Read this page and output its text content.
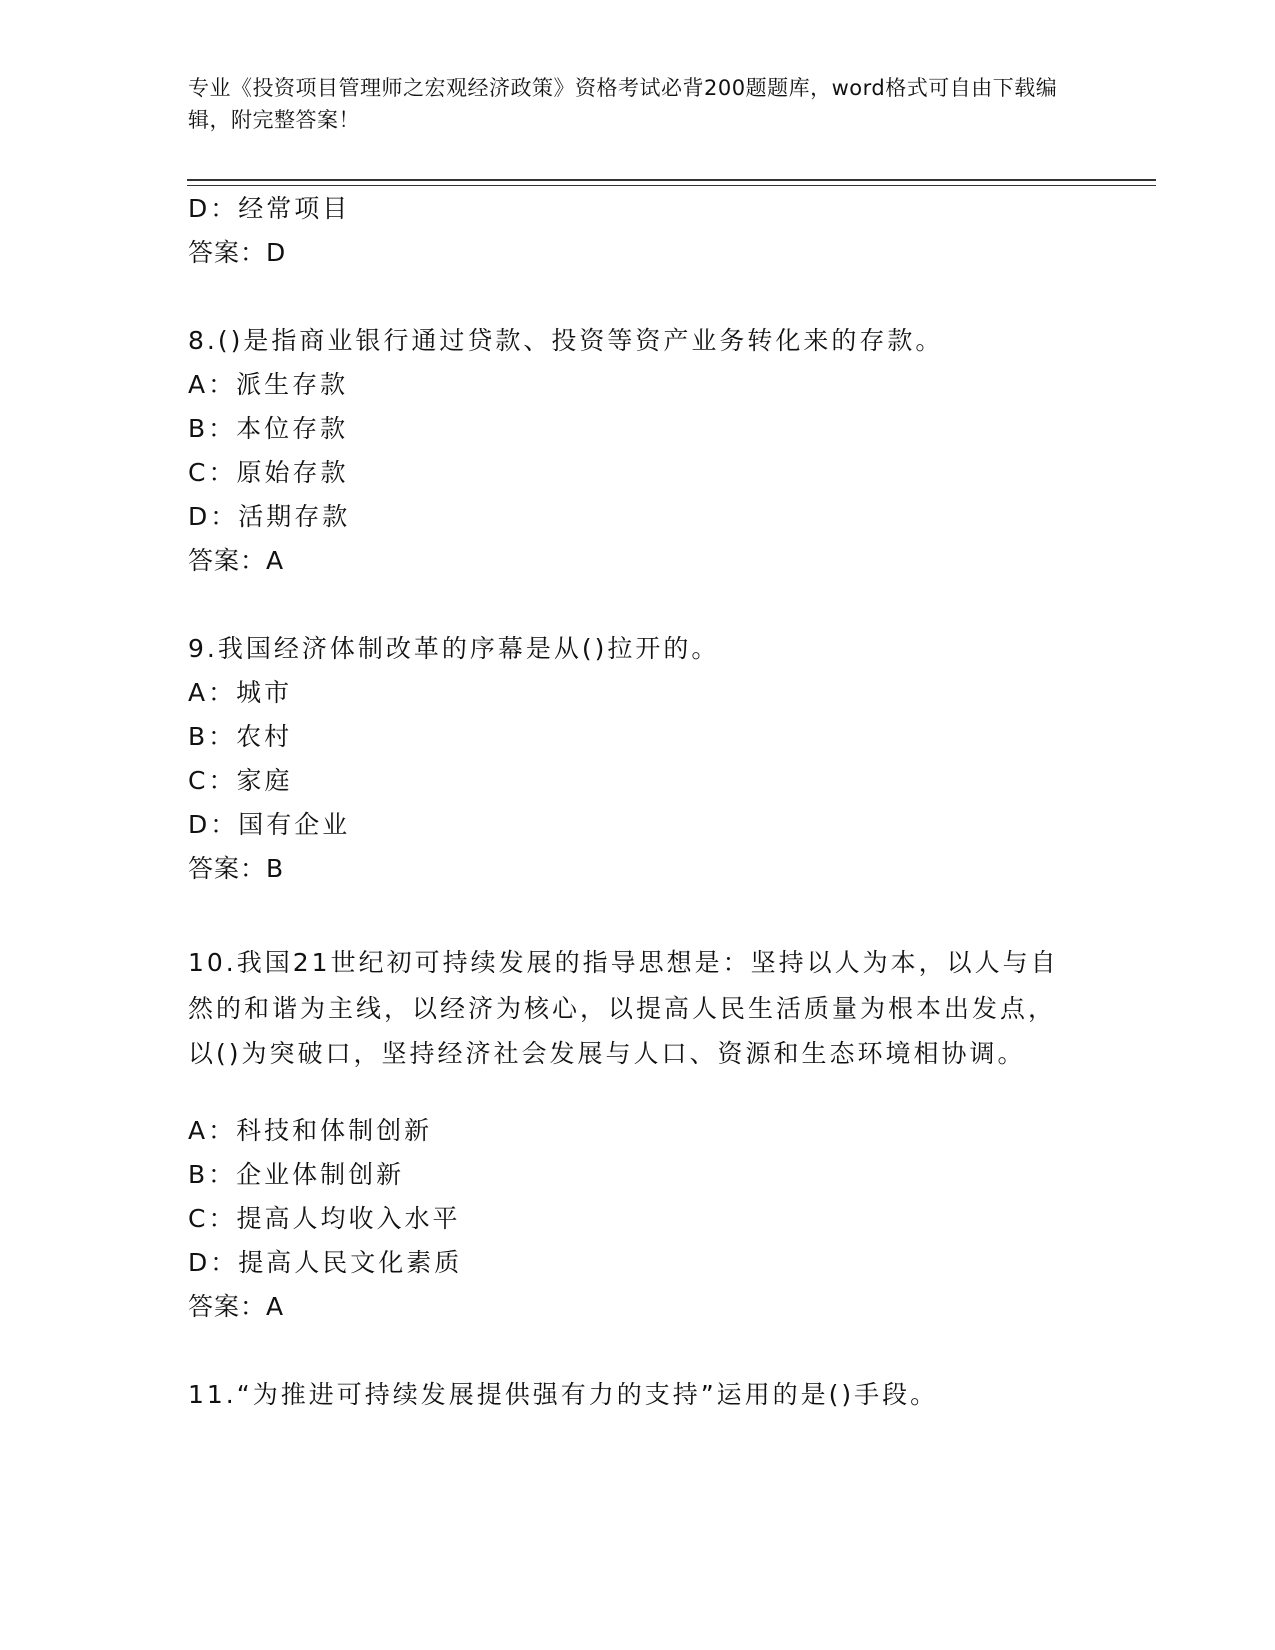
专业《投资项目管理师之宏观经济政策》资格考试必背200题题库，word格式可自由下载编辑，附完整答案！
D：经常项目
答案：D
8.()是指商业银行通过贷款、投资等资产业务转化来的存款。
A：派生存款
B：本位存款
C：原始存款
D：活期存款
答案：A
9.我国经济体制改革的序幕是从()拉开的。
A：城市
B：农村
C：家庭
D：国有企业
答案：B
10.我国21世纪初可持续发展的指导思想是：坚持以人为本，以人与自然的和谐为主线，以经济为核心，以提高人民生活质量为根本出发点，以()为突破口，坚持经济社会发展与人口、资源和生态环境相协调。
A：科技和体制创新
B：企业体制创新
C：提高人均收入水平
D：提高人民文化素质
答案：A
11.“为推进可持续发展提供强有力的支持”运用的是()手段。
